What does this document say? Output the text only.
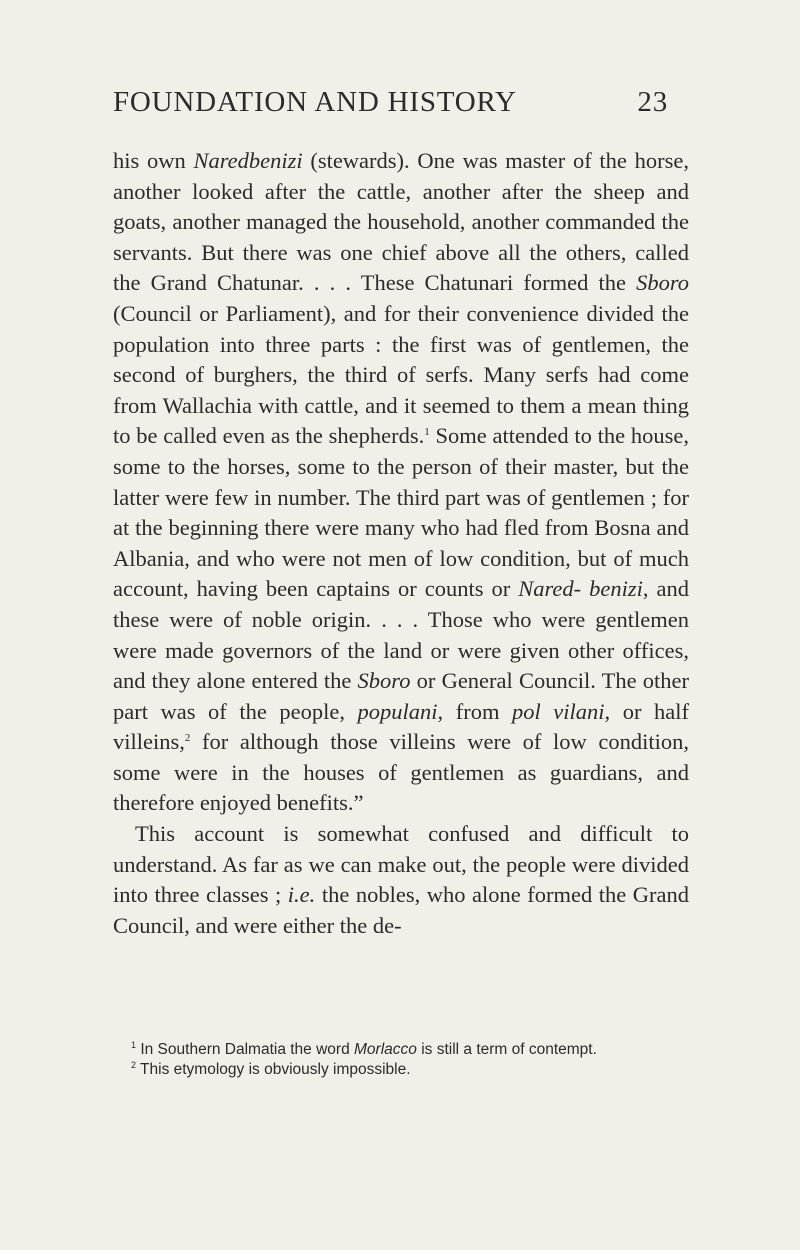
FOUNDATION AND HISTORY	23

his own Naredbenizi (stewards). One was master of the horse, another looked after the cattle, another after the sheep and goats, another managed the household, another commanded the servants. But there was one chief above all the others, called the Grand Chatunar. . . . These Chatunari formed the Sboro (Council or Parliament), and for their convenience divided the population into three parts : the first was of gentlemen, the second of burghers, the third of serfs. Many serfs had come from Wallachia with cattle, and it seemed to them a mean thing to be called even as the shepherds.$^1$ Some attended to the house, some to the horses, some to the person of their master, but the latter were few in number. The third part was of gentlemen ; for at the beginning there were many who had fled from Bosna and Albania, and who were not men of low condition, but of much account, having been captains or counts or Nared- benizi, and these were of noble origin. . . . Those who were gentlemen were made governors of the land or were given other offices, and they alone entered the Sboro or General Council. The other part was of the people, populani, from pol vilani, or half villeins,$^2$ for although those villeins were of low condition, some were in the houses of gentlemen as guardians, and therefore enjoyed benefits.”

This account is somewhat confused and difficult to understand. As far as we can make out, the people were divided into three classes ; i.e. the nobles, who alone formed the Grand Council, and were either the de-

$^1$ In Southern Dalmatia the word Morlacco is still a term of contempt.

$^2$ This etymology is obviously impossible.
